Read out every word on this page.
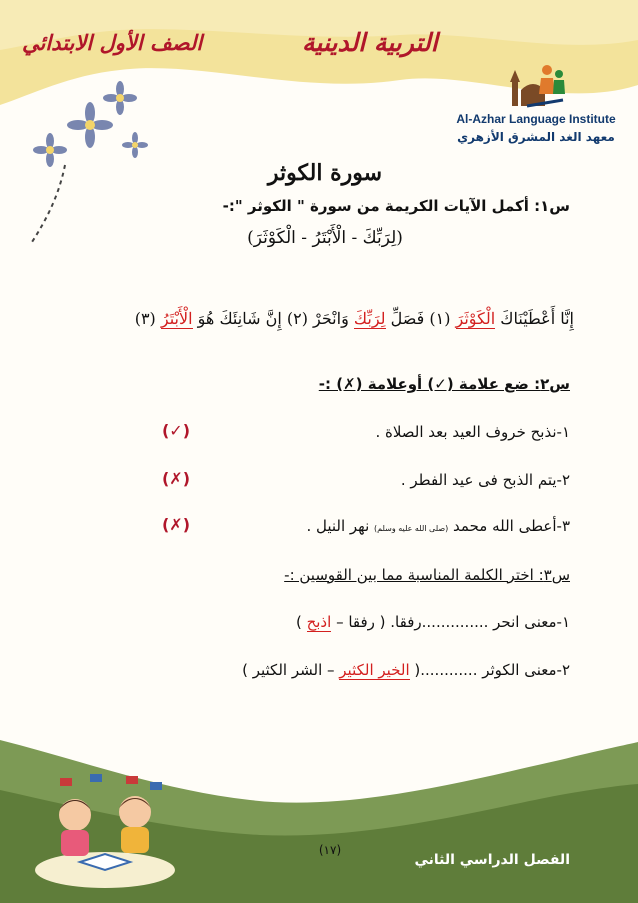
التربية الدينية
الصف الأول الابتدائي
Al-Azhar Language Institute
معهد الغد المشرق الأزهري
سورة الكوثر
س١: أكمل الآيات الكريمة من سورة " الكوثر ":-
(لِرَبِّكَ - الْأَبْتَرُ - الْكَوْثَرَ)
إِنَّا أَعْطَيْنَاكَ الْكَوْثَرَ (١) فَصَلِّ لِرَبِّكَ وَانْحَرْ (٢) إِنَّ شَانِئَكَ هُوَ الْأَبْتَرُ (٣)
س٢: ضع علامة (✓) أوعلامة (✗) :-
١-نذبح خروف العيد بعد الصلاة .
(✓)
٢-يتم الذبح فى عيد الفطر .
(✗)
٣-أعطى الله محمد (صلى الله عليه وسلم) نهر النيل .
(✗)
س٣: اختر الكلمة المناسبة مما بين القوسين :-
١-معنى انحر ..............رفقا. ( رفقا – اذبح )
٢-معنى الكوثر ............( الخير الكثير – الشر الكثير )
(١٧)
الفصل الدراسي الثاني
